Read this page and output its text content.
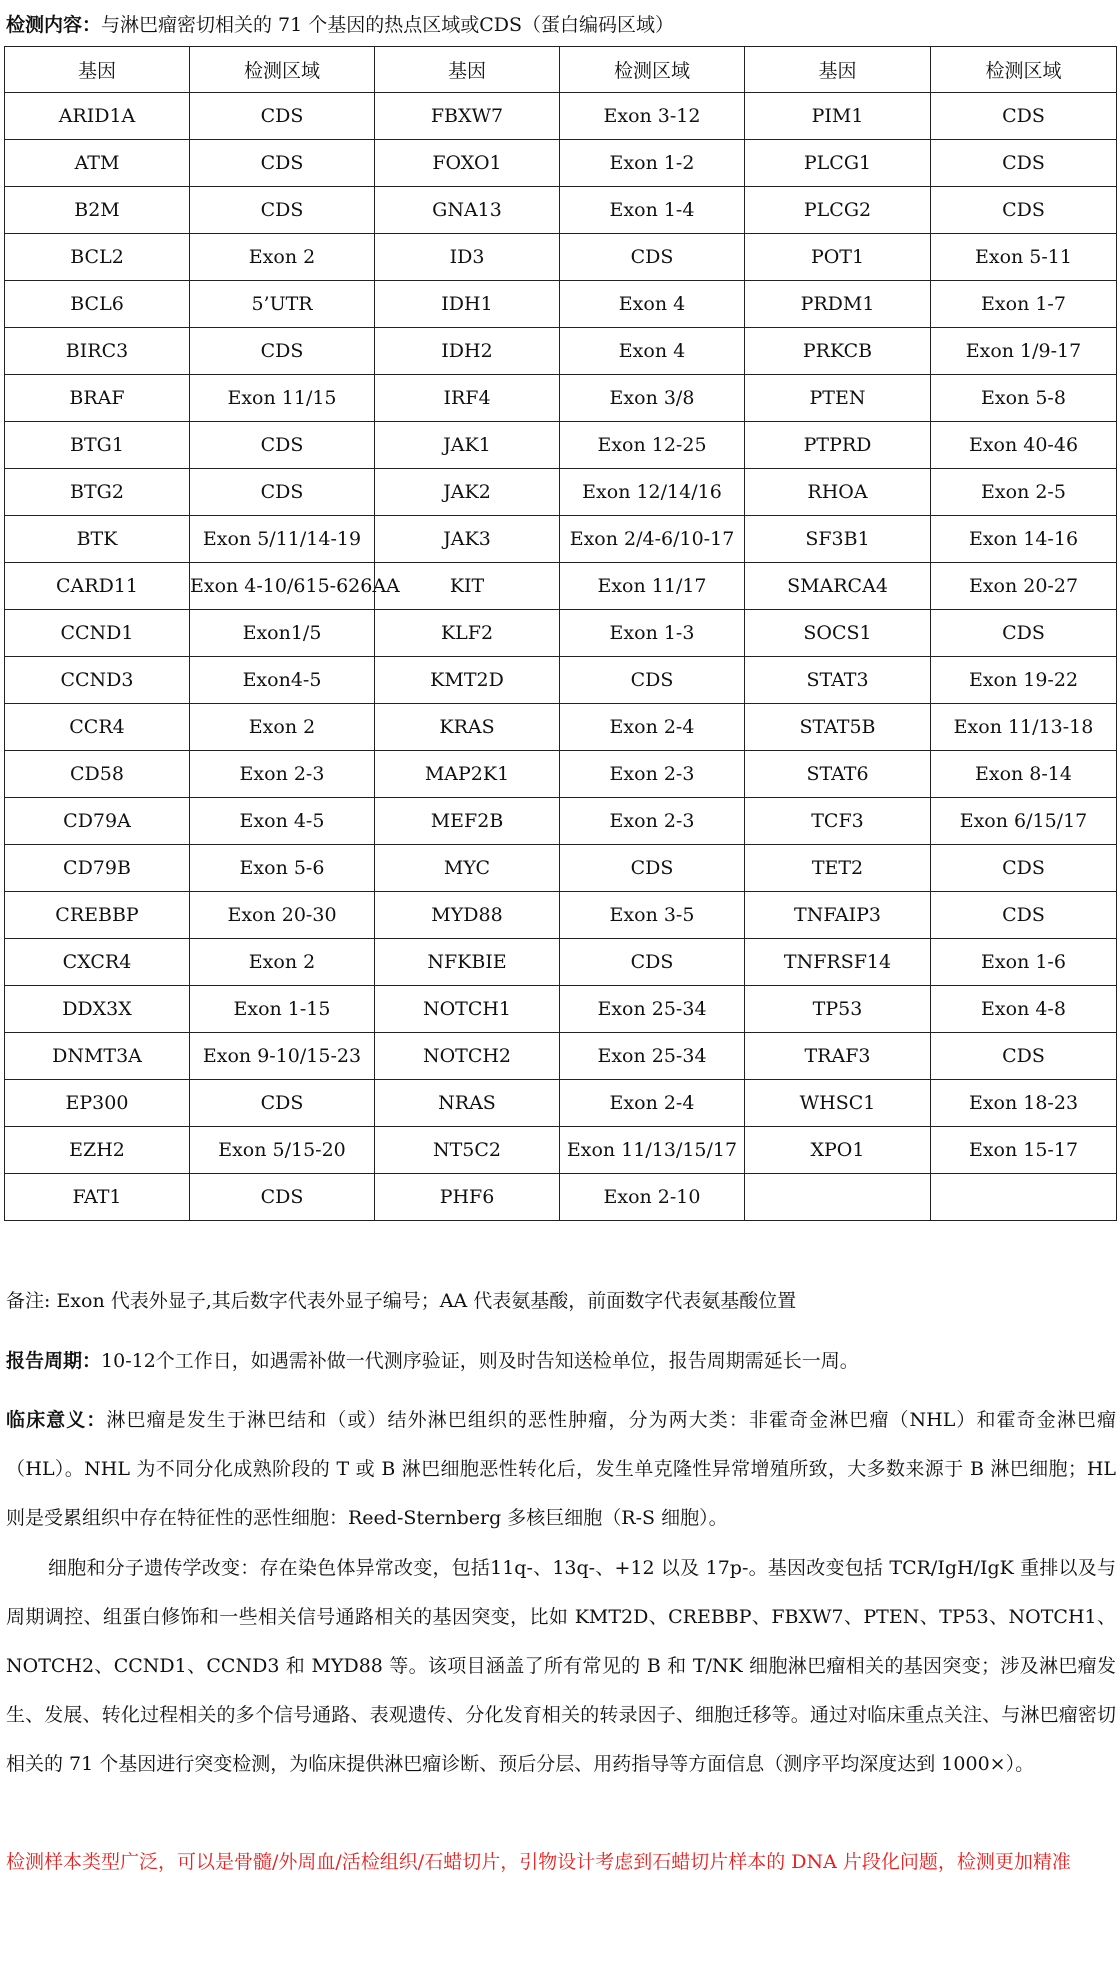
检测内容：与淋巴瘤密切相关的 71 个基因的热点区域或CDS（蛋白编码区域）
基因	检测区域	基因	检测区域	基因	检测区域
ARID1A	CDS	FBXW7	Exon 3-12	PIM1	CDS
ATM	CDS	FOXO1	Exon 1-2	PLCG1	CDS
B2M	CDS	GNA13	Exon 1-4	PLCG2	CDS
BCL2	Exon 2	ID3	CDS	POT1	Exon 5-11
BCL6	5’UTR	IDH1	Exon 4	PRDM1	Exon 1-7
BIRC3	CDS	IDH2	Exon 4	PRKCB	Exon 1/9-17
BRAF	Exon 11/15	IRF4	Exon 3/8	PTEN	Exon 5-8
BTG1	CDS	JAK1	Exon 12-25	PTPRD	Exon 40-46
BTG2	CDS	JAK2	Exon 12/14/16	RHOA	Exon 2-5
BTK	Exon 5/11/14-19	JAK3	Exon 2/4-6/10-17	SF3B1	Exon 14-16
CARD11	Exon 4-10/615-626AA	KIT	Exon 11/17	SMARCA4	Exon 20-27
CCND1	Exon1/5	KLF2	Exon 1-3	SOCS1	CDS
CCND3	Exon4-5	KMT2D	CDS	STAT3	Exon 19-22
CCR4	Exon 2	KRAS	Exon 2-4	STAT5B	Exon 11/13-18
CD58	Exon 2-3	MAP2K1	Exon 2-3	STAT6	Exon 8-14
CD79A	Exon 4-5	MEF2B	Exon 2-3	TCF3	Exon 6/15/17
CD79B	Exon 5-6	MYC	CDS	TET2	CDS
CREBBP	Exon 20-30	MYD88	Exon 3-5	TNFAIP3	CDS
CXCR4	Exon 2	NFKBIE	CDS	TNFRSF14	Exon 1-6
DDX3X	Exon 1-15	NOTCH1	Exon 25-34	TP53	Exon 4-8
DNMT3A	Exon 9-10/15-23	NOTCH2	Exon 25-34	TRAF3	CDS
EP300	CDS	NRAS	Exon 2-4	WHSC1	Exon 18-23
EZH2	Exon 5/15-20	NT5C2	Exon 11/13/15/17	XPO1	Exon 15-17
FAT1	CDS	PHF6	Exon 2-10		
备注: Exon 代表外显子,其后数字代表外显子编号；AA 代表氨基酸，前面数字代表氨基酸位置
报告周期：10-12个工作日，如遇需补做一代测序验证，则及时告知送检单位，报告周期需延长一周。
临床意义：淋巴瘤是发生于淋巴结和（或）结外淋巴组织的恶性肿瘤，分为两大类：非霍奇金淋巴瘤（NHL）和霍奇金淋巴瘤（HL）。NHL 为不同分化成熟阶段的 T 或 B 淋巴细胞恶性转化后，发生单克隆性异常增殖所致，大多数来源于 B 淋巴细胞；HL 则是受累组织中存在特征性的恶性细胞：Reed-Sternberg 多核巨细胞（R-S 细胞）。
细胞和分子遗传学改变：存在染色体异常改变，包括11q-、13q-、+12 以及 17p-。基因改变包括 TCR/IgH/IgK 重排以及与周期调控、组蛋白修饰和一些相关信号通路相关的基因突变，比如 KMT2D、CREBBP、FBXW7、PTEN、TP53、NOTCH1、NOTCH2、CCND1、CCND3 和 MYD88 等。该项目涵盖了所有常见的 B 和 T/NK 细胞淋巴瘤相关的基因突变；涉及淋巴瘤发生、发展、转化过程相关的多个信号通路、表观遗传、分化发育相关的转录因子、细胞迁移等。通过对临床重点关注、与淋巴瘤密切相关的 71 个基因进行突变检测，为临床提供淋巴瘤诊断、预后分层、用药指导等方面信息（测序平均深度达到 1000×）。
检测样本类型广泛，可以是骨髓/外周血/活检组织/石蜡切片，引物设计考虑到石蜡切片样本的 DNA 片段化问题，检测更加精准
